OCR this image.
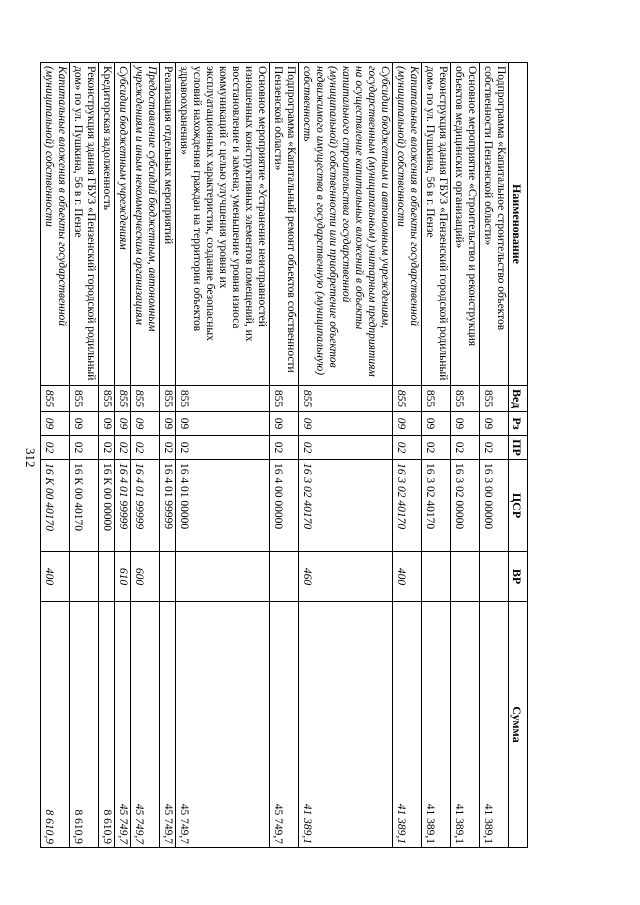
312
Наименование	Вед	Рз	ПР	ЦСР	ВР	Сумма
Подпрограмма «Капитальное строительство объектов собственности Пензенской области»	855	09	02	16 3 00 00000		41 389,1
Основное мероприятие «Строительство и реконструкция объектов медицинских организаций»	855	09	02	16 3 02 00000		41 389,1
Реконструкция здания ГБУЗ «Пензенский городской родильный дом» по ул. Пушкина, 56 в г. Пензе	855	09	02	16 3 02 40170		41 389,1
Капитальные вложения в объекты государственной (муниципальной) собственности	855	09	02	16 3 02 40170	400	41 389,1
Субсидии бюджетным и автономным учреждениям, государственным (муниципальным) унитарным предприятиям на осуществление капитальных вложений в объекты капитального строительства государственной (муниципальной) собственности или приобретение объектов недвижимого имущества в государственную (муниципальную) собственность	855	09	02	16 3 02 40170	460	41 389,1
Подпрограмма «Капитальный ремонт объектов собственности Пензенской области»	855	09	02	16 4 00 00000		45 749,7
Основное мероприятие «Устранение неисправностей изношенных конструктивных элементов помещений, их восстановление и замена; уменьшение уровня износа коммуникаций с целью улучшения уровня их эксплуатационных характеристик, создание безопасных условий нахождения граждан на территории объектов здравоохранения»	855	09	02	16 4 01 00000		45 749,7
Реализация отдельных мероприятий	855	09	02	16 4 01 99999		45 749,7
Предоставление субсидий бюджетным, автономным учреждениям и иным некоммерческим организациям	855	09	02	16 4 01 99999	600	45 749,7
Субсидии бюджетным учреждениям	855	09	02	16 4 01 99999	610	45 749,7
Кредиторская задолженность	855	09	02	16 К 00 00000		8 610,9
Реконструкция здания ГБУЗ «Пензенский городской родильный дом» по ул. Пушкина, 56 в г. Пензе	855	09	02	16 К 00 40170		8 610,9
Капитальные вложения в объекты государственной (муниципальной) собственности	855	09	02	16 К 00 40170	400	8 610,9
